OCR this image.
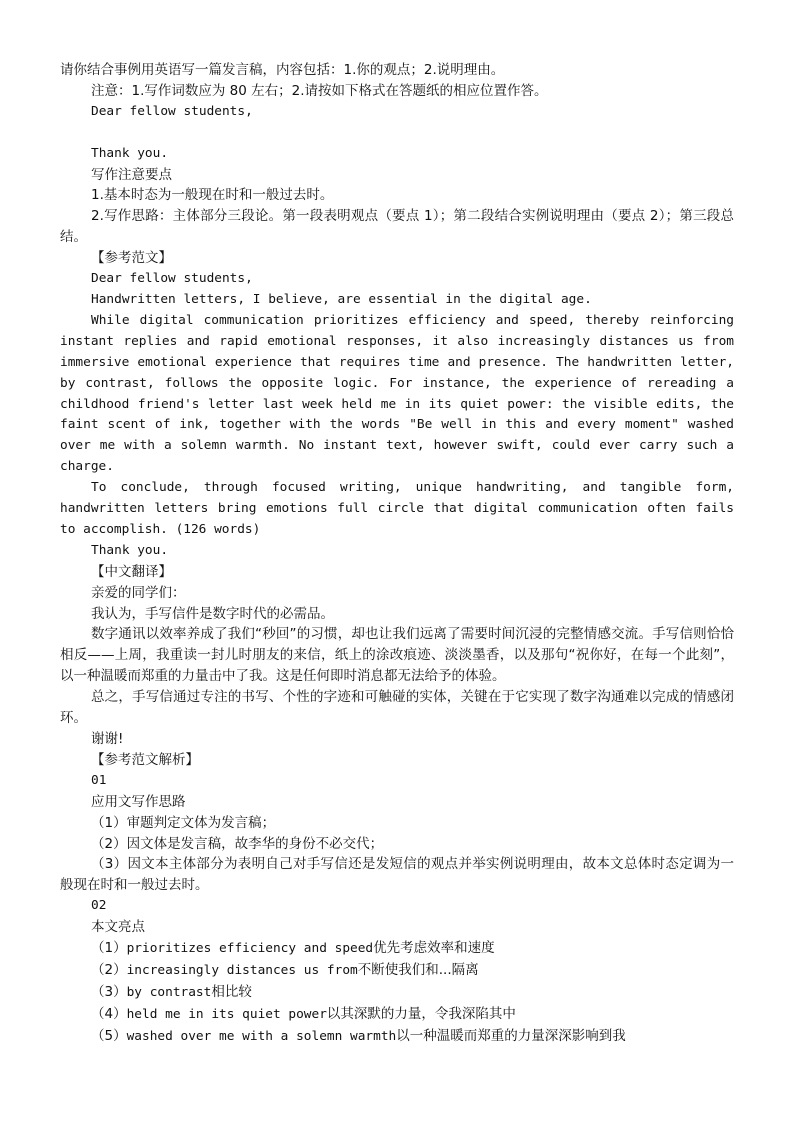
请你结合事例用英语写一篇发言稿，内容包括：1.你的观点；2.说明理由。

注意：1.写作词数应为 80 左右；2.请按如下格式在答题纸的相应位置作答。

Dear fellow students,

Thank you.

写作注意要点

1.基本时态为一般现在时和一般过去时。

2.写作思路：主体部分三段论。第一段表明观点（要点 1）；第二段结合实例说明理由（要点 2）；第三段总结。

【参考范文】

Dear fellow students,

Handwritten letters, I believe, are essential in the digital age.

While digital communication prioritizes efficiency and speed, thereby reinforcing instant replies and rapid emotional responses, it also increasingly distances us from immersive emotional experience that requires time and presence. The handwritten letter, by contrast, follows the opposite logic. For instance, the experience of rereading a childhood friend's letter last week held me in its quiet power: the visible edits, the faint scent of ink, together with the words "Be well in this and every moment" washed over me with a solemn warmth. No instant text, however swift, could ever carry such a charge.

To conclude, through focused writing, unique handwriting, and tangible form, handwritten letters bring emotions full circle that digital communication often fails to accomplish. (126 words)

Thank you.

【中文翻译】

亲爱的同学们：

我认为，手写信件是数字时代的必需品。

数字通讯以效率养成了我们“秒回”的习惯，却也让我们远离了需要时间沉浸的完整情感交流。手写信则恰恰相反——上周，我重读一封儿时朋友的来信，纸上的涂改痕迹、淡淡墨香，以及那句“祝你好，在每一个此刻”，以一种温暖而郑重的力量击中了我。这是任何即时消息都无法给予的体验。

总之，手写信通过专注的书写、个性的字迹和可触碰的实体，关键在于它实现了数字沟通难以完成的情感闭环。

谢谢!

【参考范文解析】

01

应用文写作思路

（1）审题判定文体为发言稿；

（2）因文体是发言稿，故李华的身份不必交代；

（3）因文本主体部分为表明自己对手写信还是发短信的观点并举实例说明理由，故本文总体时态定调为一般现在时和一般过去时。

02

本文亮点

（1）prioritizes efficiency and speed优先考虑效率和速度

（2）increasingly distances us from不断使我们和...隔离

（3）by contrast相比较

（4）held me in its quiet power以其深默的力量，令我深陷其中

（5）washed over me with a solemn warmth以一种温暖而郑重的力量深深影响到我
